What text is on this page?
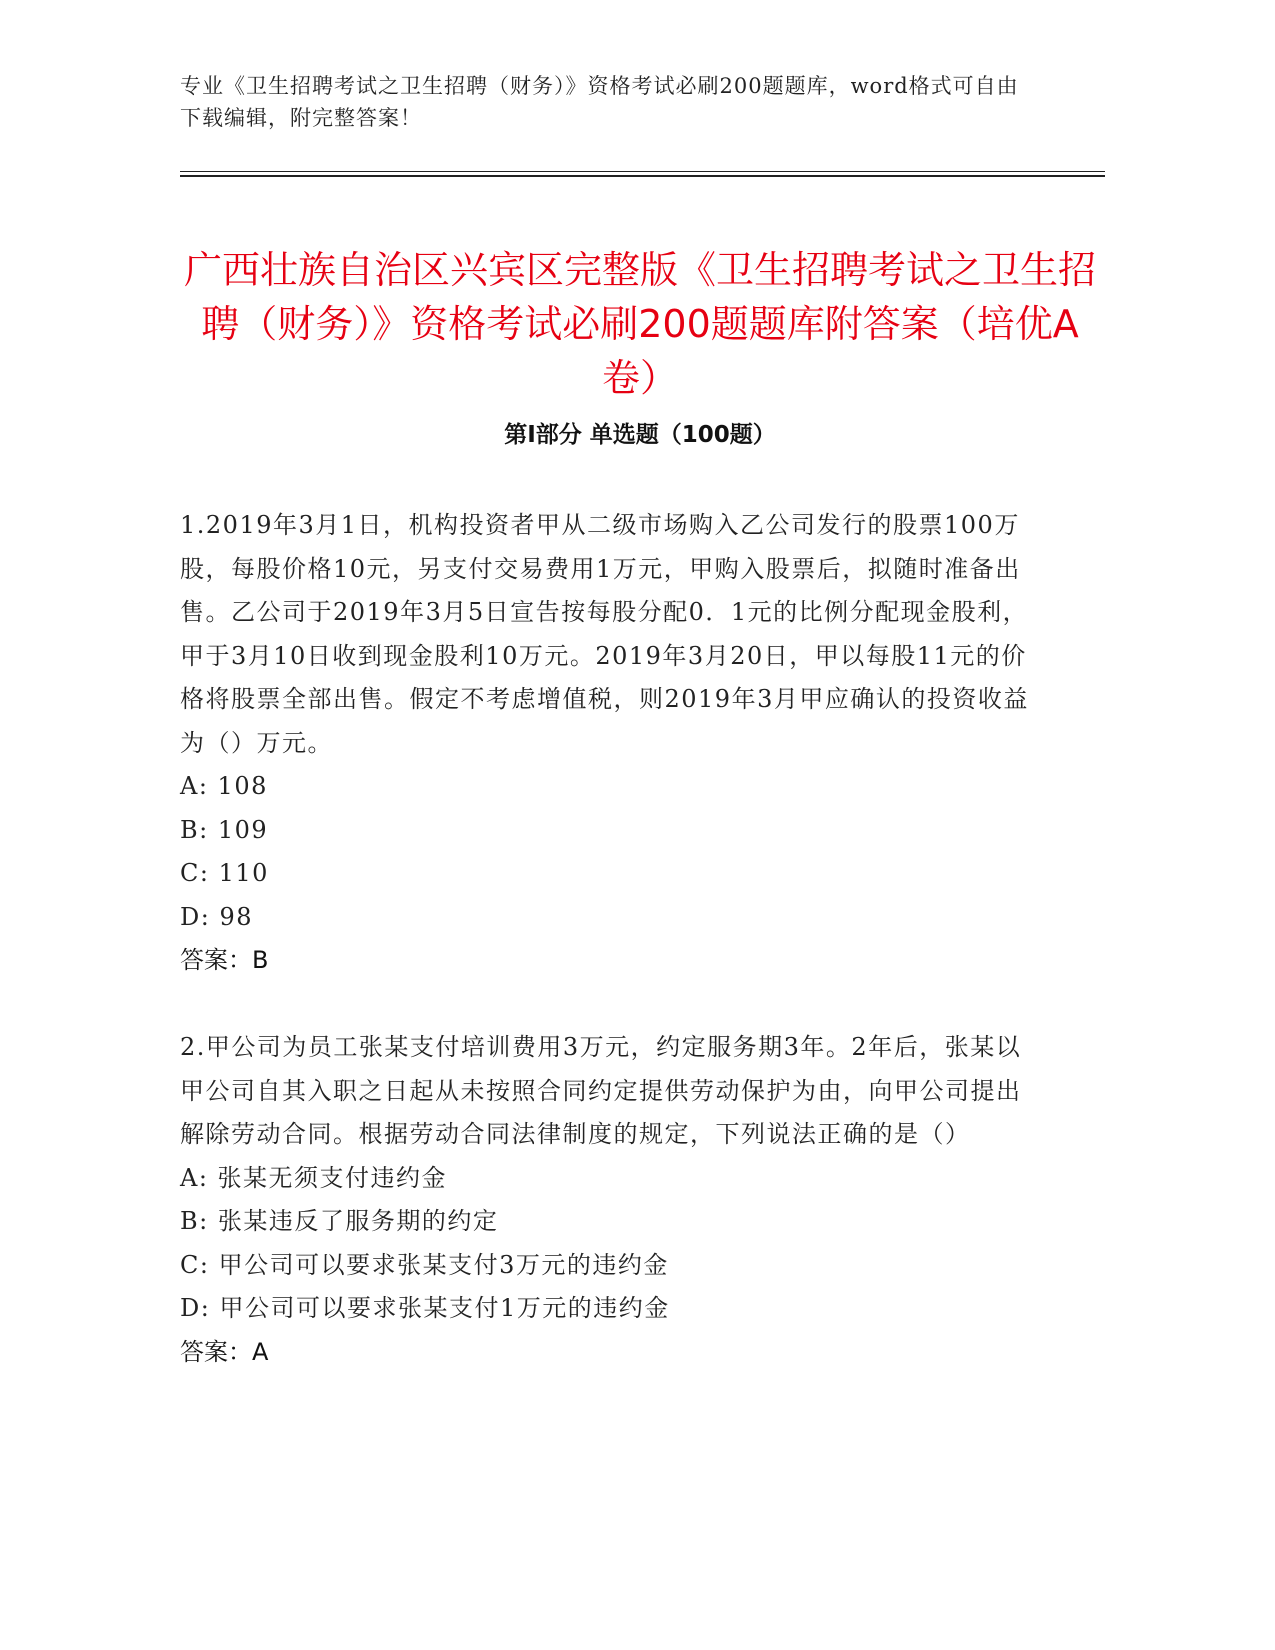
专业《卫生招聘考试之卫生招聘（财务）》资格考试必刷200题题库，word格式可自由下载编辑，附完整答案！
广西壮族自治区兴宾区完整版《卫生招聘考试之卫生招聘（财务）》资格考试必刷200题题库附答案（培优A卷）
第I部分 单选题（100题）

1.2019年3月1日，机构投资者甲从二级市场购入乙公司发行的股票100万股，每股价格10元，另支付交易费用1万元，甲购入股票后，拟随时准备出售。乙公司于2019年3月5日宣告按每股分配0．1元的比例分配现金股利，甲于3月10日收到现金股利10万元。2019年3月20日，甲以每股11元的价格将股票全部出售。假定不考虑增值税，则2019年3月甲应确认的投资收益为（）万元。

A: 108

B: 109

C: 110

D: 98

答案：B

2.甲公司为员工张某支付培训费用3万元，约定服务期3年。2年后，张某以甲公司自其入职之日起从未按照合同约定提供劳动保护为由，向甲公司提出解除劳动合同。根据劳动合同法律制度的规定，下列说法正确的是（）

A: 张某无须支付违约金

B: 张某违反了服务期的约定

C: 甲公司可以要求张某支付3万元的违约金

D: 甲公司可以要求张某支付1万元的违约金

答案：A
